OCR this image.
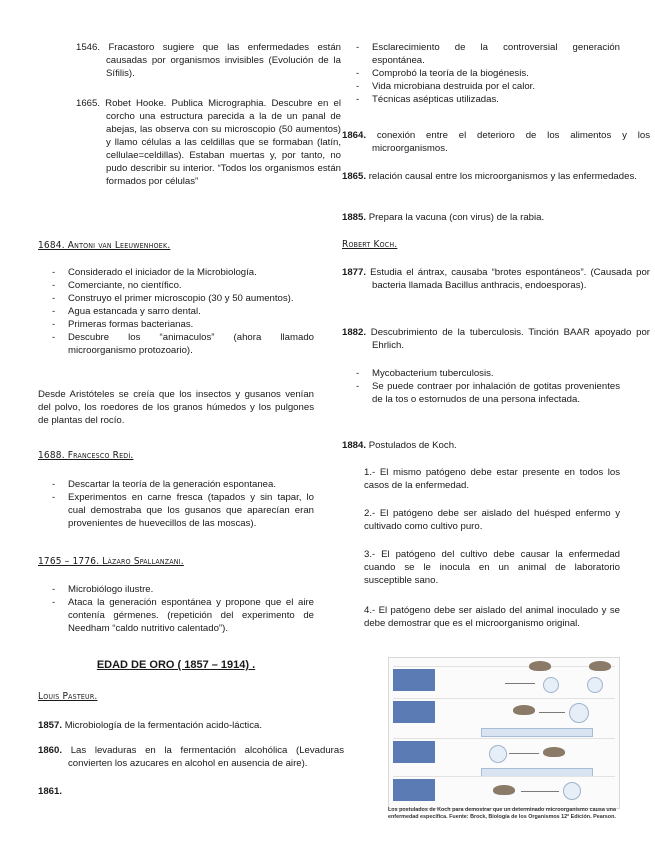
1546. Fracastoro sugiere que las enfermedades están causadas por organismos invisibles (Evolución de la Sífilis).

1665. Robet Hooke. Publica Micrographia. Descubre en el corcho una estructura parecida a la de un panal de abejas, las observa con su microscopio (50 aumentos) y llamo células a las celdillas que se formaban (latín, cellulae=celdillas). Estaban muertas y, por tanto, no pudo describir su interior. “Todos los organismos están formados por células”

1684. Antoni van Leeuwenhoek.

- Considerado el iniciador de la Microbiología.
- Comerciante, no científico.
- Construyo el primer microscopio (30 y 50 aumentos).
- Agua estancada y sarro dental.
- Primeras formas bacterianas.
- Descubre los “animaculos” (ahora llamado microorganismo protozoario).

Desde Aristóteles se creía que los insectos y gusanos venían del polvo, los roedores de los granos húmedos y los pulgones de plantas del rocío.

1688. Francesco Redí.

- Descartar la teoría de la generación espontanea.
- Experimentos en carne fresca (tapados y sin tapar, lo cual demostraba que los gusanos que aparecían eran provenientes de huevecillos de las moscas).

1765 – 1776. Lázaro Spallanzani.

- Microbiólogo ilustre.
- Ataca la generación espontánea y propone que el aire contenía gérmenes. (repetición del experimento de Needham “caldo nutritivo calentado”).

EDAD DE ORO ( 1857 – 1914) .

Louis Pasteur.

1857. Microbiología de la fermentación acido-láctica.

1860. Las levaduras en la fermentación alcohólica (Levaduras convierten los azucares en alcohol en ausencia de aire).

1861.

- Esclarecimiento de la controversial generación espontánea.
- Comprobó la teoría de la biogénesis.
- Vida microbiana destruida por el calor.
- Técnicas asépticas utilizadas.

1864. conexión entre el deterioro de los alimentos y los microorganismos.

1865. relación causal entre los microorganismos y las enfermedades.

1885. Prepara la vacuna (con virus) de la rabia.

Robert Koch.

1877. Estudia el ántrax, causaba “brotes espontáneos”. (Causada por bacteria llamada Bacillus anthracis, endoesporas).

1882. Descubrimiento de la tuberculosis. Tinción BAAR apoyado por Ehrlich.

- Mycobacterium tuberculosis.
- Se puede contraer por inhalación de gotitas provenientes de la tos o estornudos de una persona infectada.

1884. Postulados de Koch.

1.- El mismo patógeno debe estar presente en todos los casos de la enfermedad.

2.- El patógeno debe ser aislado del huésped enfermo y cultivado como cultivo puro.

3.- El patógeno del cultivo debe causar la enfermedad cuando se le inocula en un animal de laboratorio susceptible sano.

4.- El patógeno debe ser aislado del animal inoculado y se debe demostrar que es el microorganismo original.

Los postulados de Koch para demostrar que un determinado microorganismo causa una enfermedad específica. Fuente: Brock, Biología de los Organismos 12ª Edición. Pearson.
